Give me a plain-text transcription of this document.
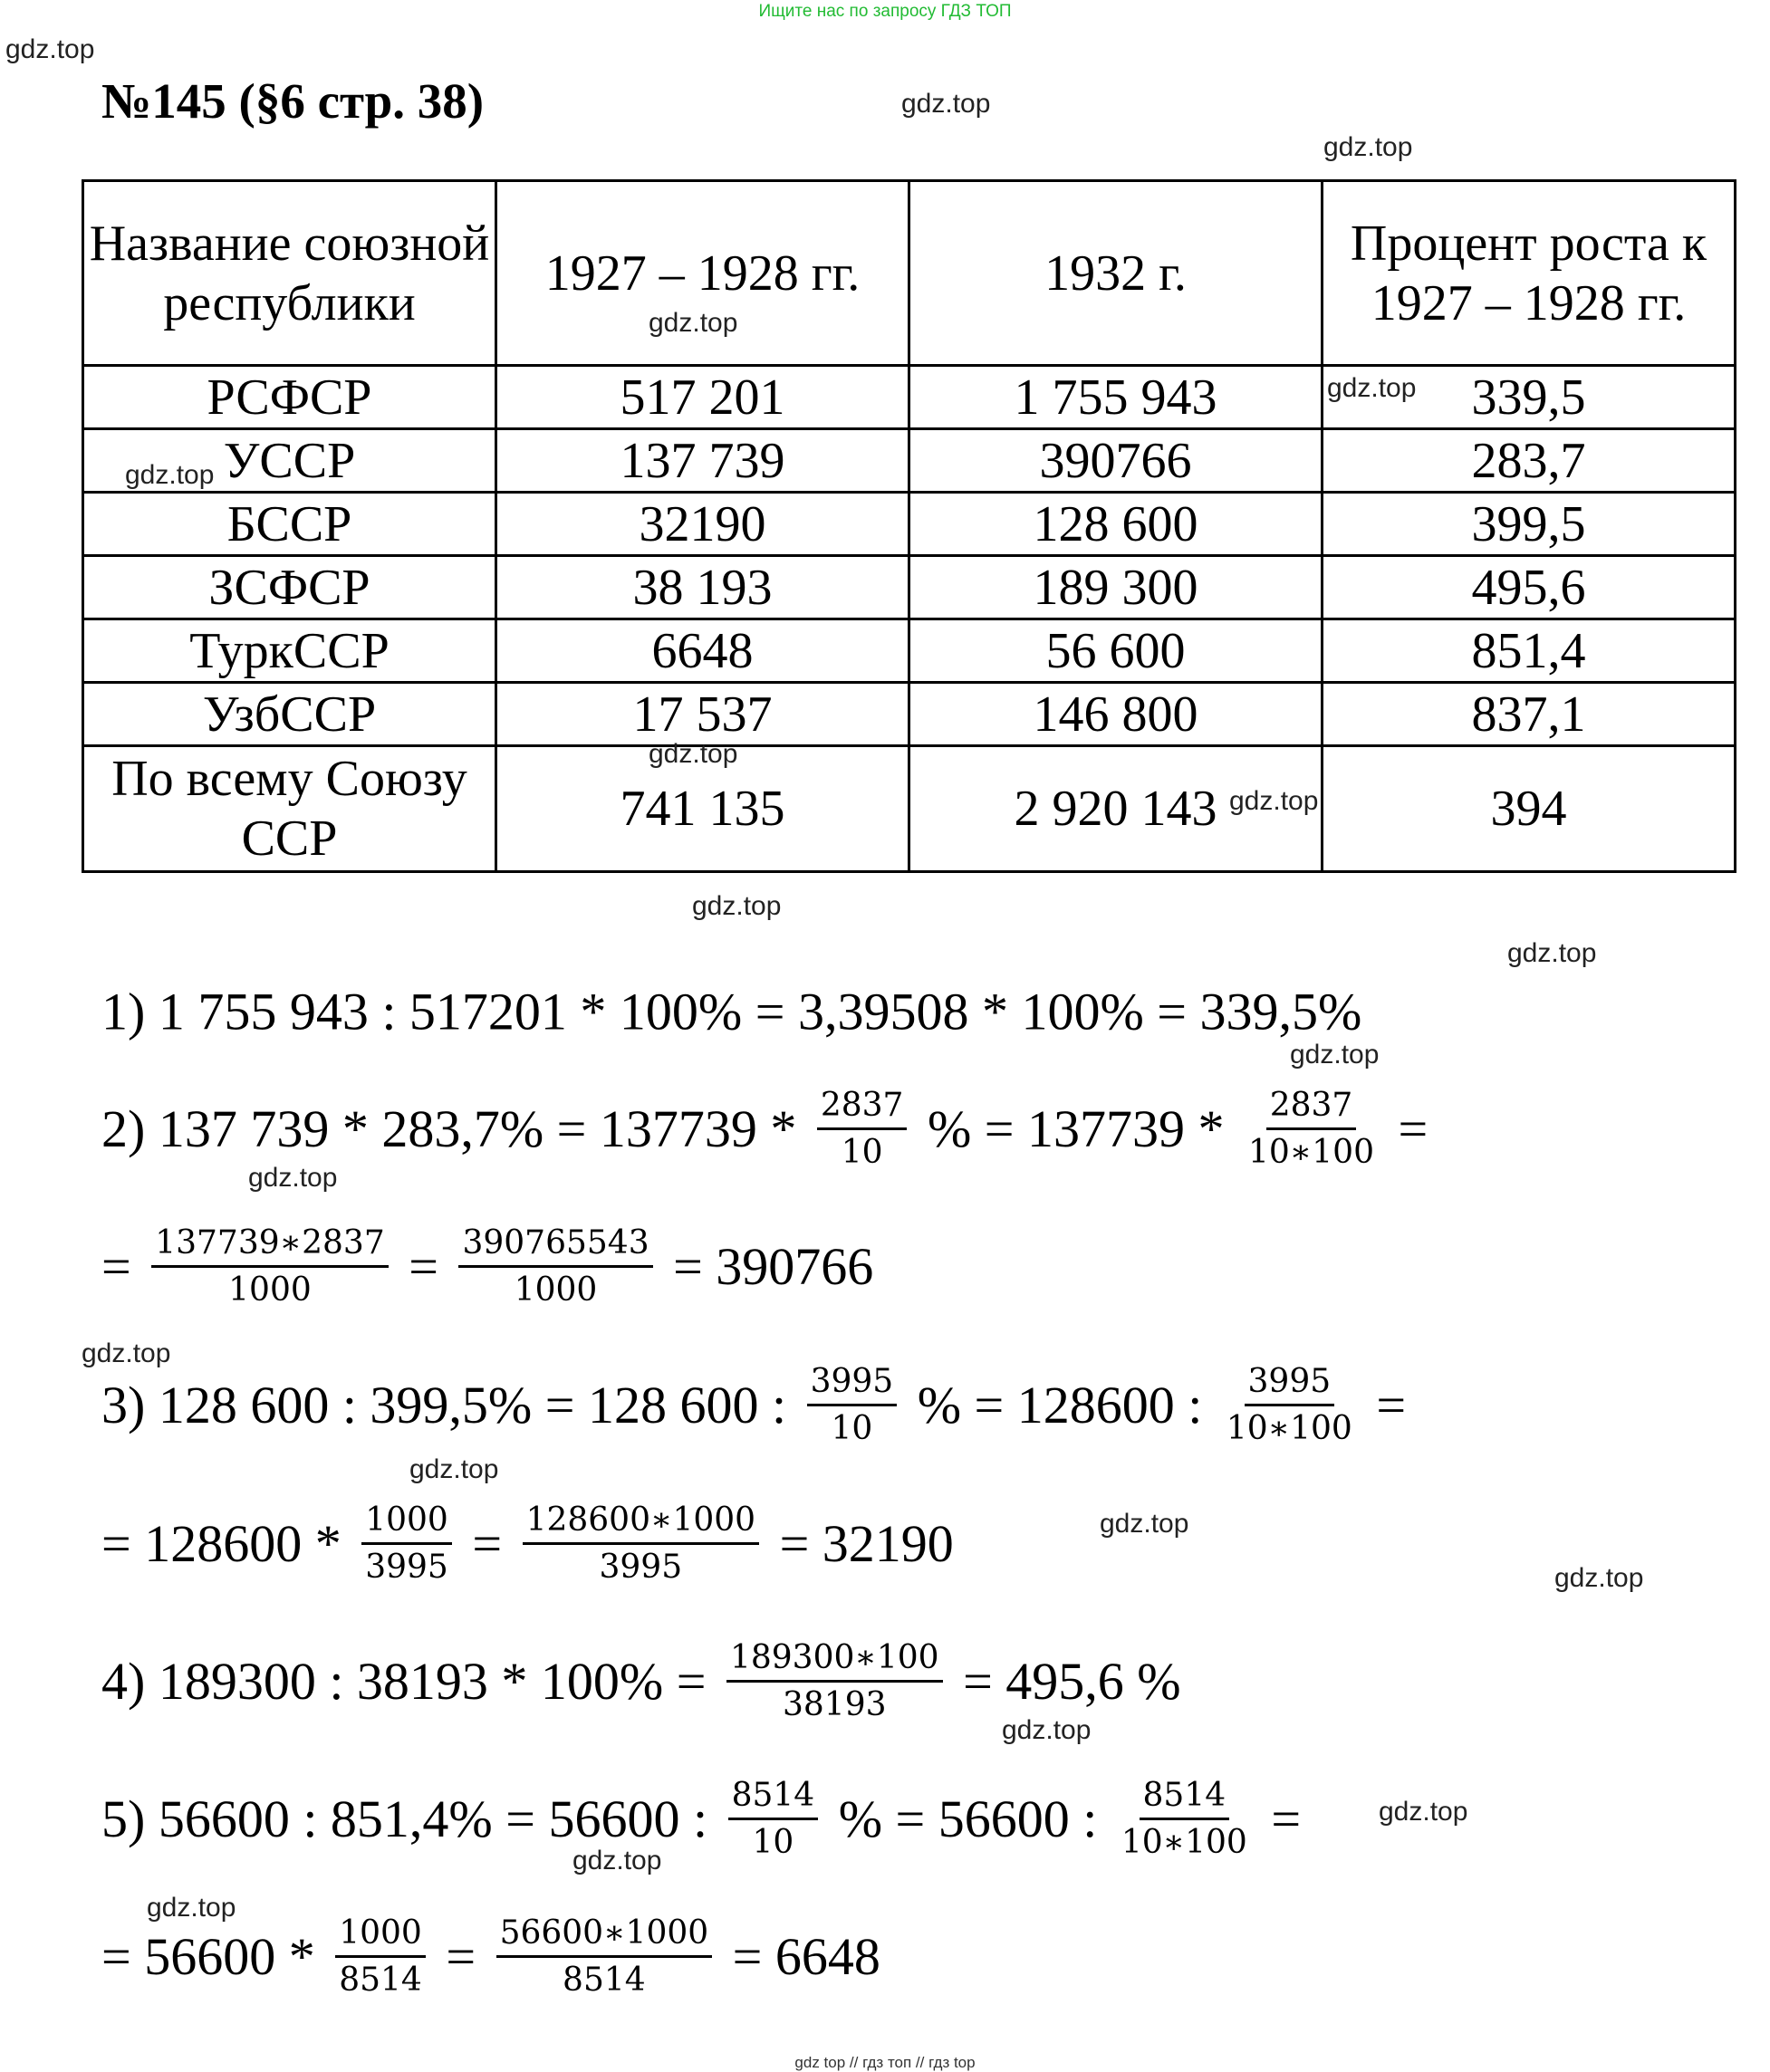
Ищите нас по запросу ГДЗ ТОП
№145 (§6 стр. 38)
Название союзной республики	1927 – 1928 гг.	1932 г.	Процент роста к 1927 – 1928 гг.
РСФСР	517 201	1 755 943	339,5
УССР	137 739	390766	283,7
БССР	32190	128 600	399,5
ЗСФСР	38 193	189 300	495,6
ТуркССР	6648	56 600	851,4
УзбССР	17 537	146 800	837,1
По всему Союзу ССР	741 135	2 920 143	394
1) 1 755 943 : 517201 * 100% = 3,39508 * 100% = 339,5%
2) 137 $739 * 283,7\% = 137739 * \frac{2837}{10}$ % = $137739 * \frac{2837}{10∗100}$ =
= $\frac{137739∗2837}{1000} = \frac{390765543}{1000} = 390766$
3) 128 600 : 399,5% = 128 600 : $\frac{3995}{10}$ % = 128600 : $\frac{3995}{10∗100}$ =
= $128600 * \frac{1000}{3995} = \frac{128600∗1000}{3995} = 32190$
4) 189300 : $38193 * 100\% = \frac{189300∗100}{38193} = 495,6$ %
5) 56600 : 851,4% = 56600 : $\frac{8514}{10}$ % = 56600 : $\frac{8514}{10∗100}$ =
= $56600 * \frac{1000}{8514} = \frac{56600∗1000}{8514} = 6648$
gdz.top
gdz.top
gdz.top
gdz.top
gdz.top
gdz.top
gdz.top
gdz.top
gdz.top
gdz.top
gdz.top
gdz.top
gdz.top
gdz.top
gdz.top
gdz.top
gdz.top
gdz.top
gdz.top
gdz.top
gdz top // гдз топ // гдз top
